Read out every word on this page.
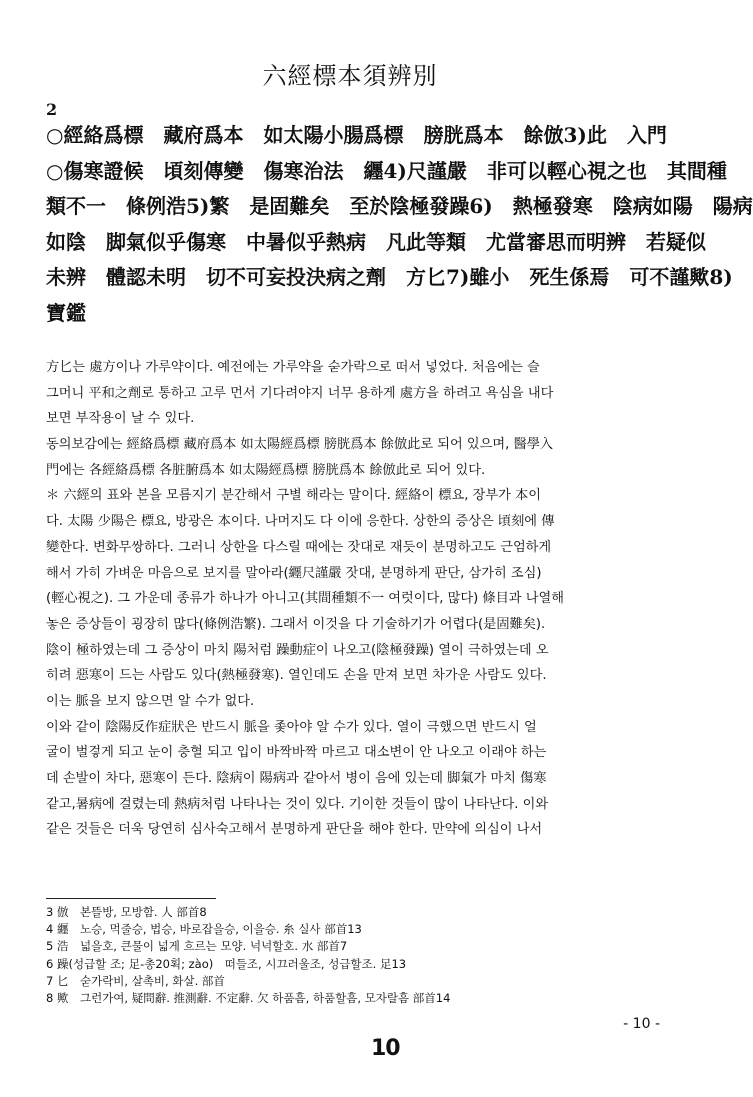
六經標本須辨別
2
○經絡爲標　藏府爲本　如太陽小腸爲標　膀胱爲本　餘倣3)此　入門
○傷寒證候　頃刻傳變　傷寒治法　纒4)尺謹嚴　非可以輕心視之也　其間種
類不一　條例浩5)繁　是固難矣　至於陰極發躁6)　熱極發寒　陰病如陽　陽病
如陰　脚氣似乎傷寒　中暑似乎熱病　凡此等類　尤當審思而明辨　若疑似
未辨　體認未明　切不可妄投決病之劑　方匕7)雖小　死生係焉　可不謹歟8)
寶鑑
方匕는 處方이나 가루약이다. 예전에는 가루약을 숟가락으로 떠서 넣었다. 처음에는 슬
그머니 平和之劑로 통하고 고루 먼서 기다려야지 너무 용하게 處方을 하려고 욕심을 내다
보면 부작용이 날 수 있다.
동의보감에는 經絡爲標 藏府爲本 如太陽經爲標 膀胱爲本 餘倣此로 되어 있으며, 醫學入
門에는 各經絡爲標 各脏腑爲本 如太陽經爲標 膀胱爲本 餘倣此로 되어 있다.
＊ 六經의 표와 본을 모름지기 분간해서 구별 해라는 말이다. 經絡이 標요, 장부가 本이
다. 太陽 少陽은 標요, 방광은 本이다. 나머지도 다 이에 응한다. 상한의 증상은 頃刻에 傳
變한다. 변화무쌍하다. 그러니 상한을 다스릴 때에는 잣대로 재듯이 분명하고도 근엄하게
해서 가히 가벼운 마음으로 보지를 말아라(纒尺謹嚴 잣대, 분명하게 판단, 삼가히 조심)
(輕心視之). 그 가운데 종류가 하나가 아니고(其間種類不一 여럿이다, 많다) 條目과 나열해
놓은 증상들이 굉장히 많다(條例浩繁). 그래서 이것을 다 기술하기가 어렵다(是固難矣).
陰이 極하였는데 그 증상이 마치 陽처럼 躁動症이 나오고(陰極發躁) 열이 극하였는데 오
히려 惡寒이 드는 사람도 있다(熱極發寒). 열인데도 손을 만져 보면 차가운 사람도 있다.
이는 脈을 보지 않으면 알 수가 없다.
이와 같이 陰陽反作症狀은 반드시 脈을 좇아야 알 수가 있다. 열이 극했으면 반드시 얼
굴이 벌겋게 되고 눈이 충혈 되고 입이 바짝바짝 마르고 대소변이 안 나오고 이래야 하는
데 손발이 차다, 惡寒이 든다. 陰病이 陽病과 같아서 병이 음에 있는데 脚氣가 마치 傷寒
같고,暑病에 걸렸는데 熱病처럼 나타나는 것이 있다. 기이한 것들이 많이 나타난다. 이와
같은 것들은 더욱 당연히 심사숙고해서 분명하게 판단을 해야 한다. 만약에 의심이 나서
3 倣　본뜰방, 모방함. 人 部首8
4 纒　노승, 먹줄승, 법승, 바로잡을승, 이을승. 糸 실사 部首13
5 浩　넓을호, 큰물이 넓게 흐르는 모양. 넉넉할호. 水 部首7
6 躁(성급할 조; 足-총20획; zào)　떠들조, 시끄러울조, 성급할조. 足13
7 匕　숟가락비, 살촉비, 화살. 部首
8 歟　그런가여, 疑問辭. 推測辭. 不定辭. 欠 하품흠, 하품할흠, 모자랄흠 部首14
- 10 -
10
